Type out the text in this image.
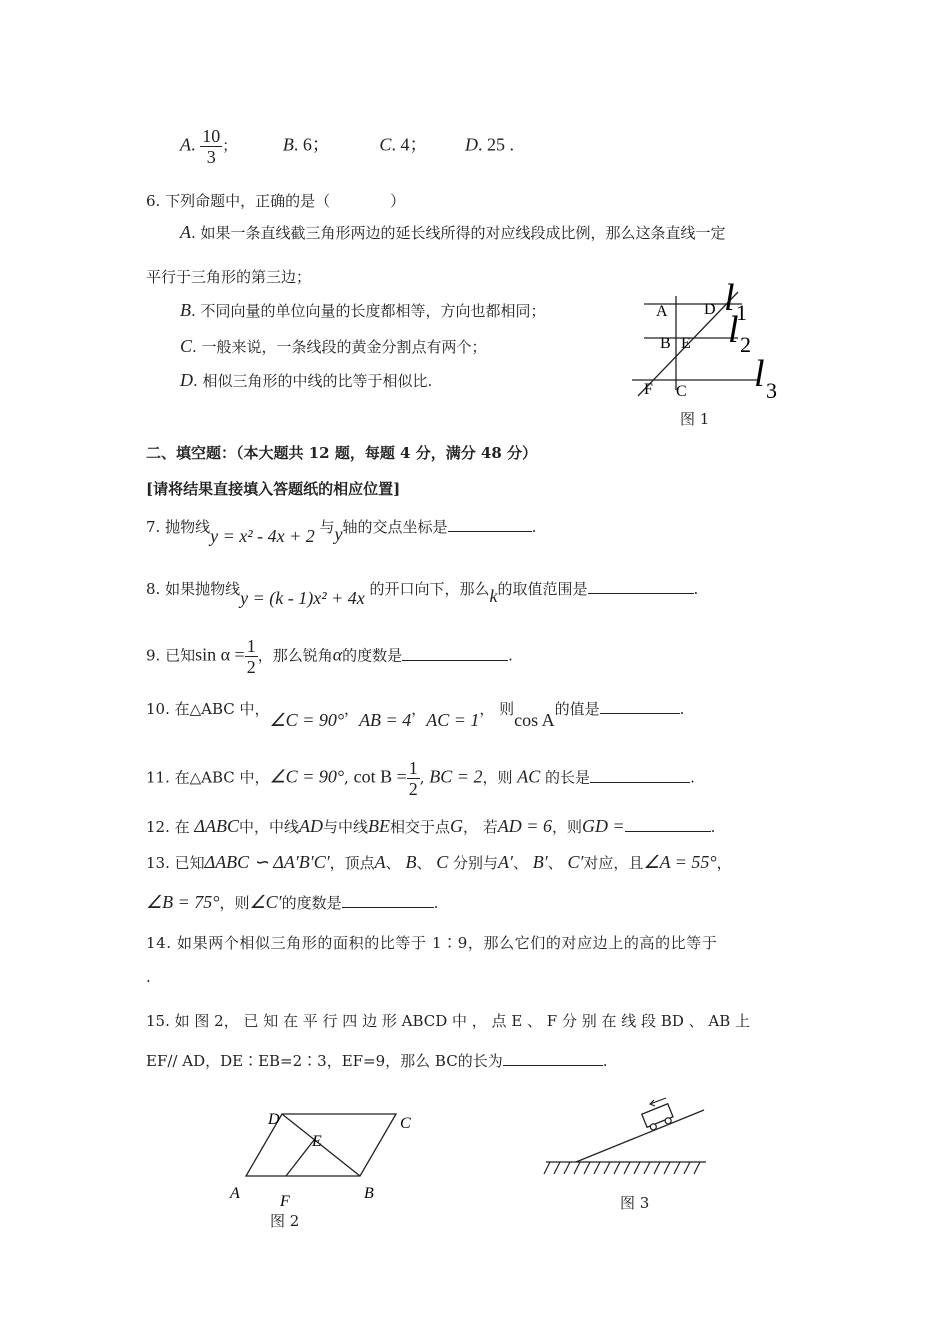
A. $\frac{10}{3}$ ；	B. 6；	C. 4； D. 25 .
6. 下列命题中，正确的是（　　　　）
A. 如果一条直线截三角形两边的延长线所得的对应线段成比例，那么这条直线一定
平行于三角形的第三边；
B. 不同向量的单位向量的长度都相等，方向也都相同；
C. 一般来说，一条线段的黄金分割点有两个；
D. 相似三角形的中线的比等于相似比.
A D
B E
F C
l 1
l 2
l 3
图 1
二、填空题：（本大题共 12 题，每题 4 分，满分 48 分）
[请将结果直接填入答题纸的相应位置]
7. 抛物线y = x² - 4x + 2 与y轴的交点坐标是	.
8. 如果抛物线y = (k - 1)x² + 4x 的开口向下，那么k的取值范围是	.
9. 已知$\sin \alpha = \frac{1}{2}$ ，那么锐角α的度数是	.
10. 在△ABC 中，∠C = 90°，AB = 4，AC = 1， 则cos A的值是	.
11. 在△ABC 中，∠C = 90°, $\cot B = \frac{1}{2}$ , BC = 2，则 AC 的长是	.
12. 在 ΔABC中，中线AD与中线BE相交于点G， 若AD = 6，则GD =	.
13. 已知ΔABC ∽ ΔA′B′C′，顶点A、 B、 C 分别与A′、 B′、 C′对应，且∠A = 55°，
∠B = 75°，则∠C′的度数是	.
14. 如果两个相似三角形的面积的比等于 1∶9，那么它们的对应边上的高的比等于
.
15. 如 图 2， 已 知 在 平 行 四 边 形 ABCD 中 ， 点 E 、 F 分 别 在 线 段 BD 、 AB 上
EF// AD，DE∶EB=2∶3，EF=9，那么 BC的长为	.
D	C
E
A	F	B
图 2
图 3
